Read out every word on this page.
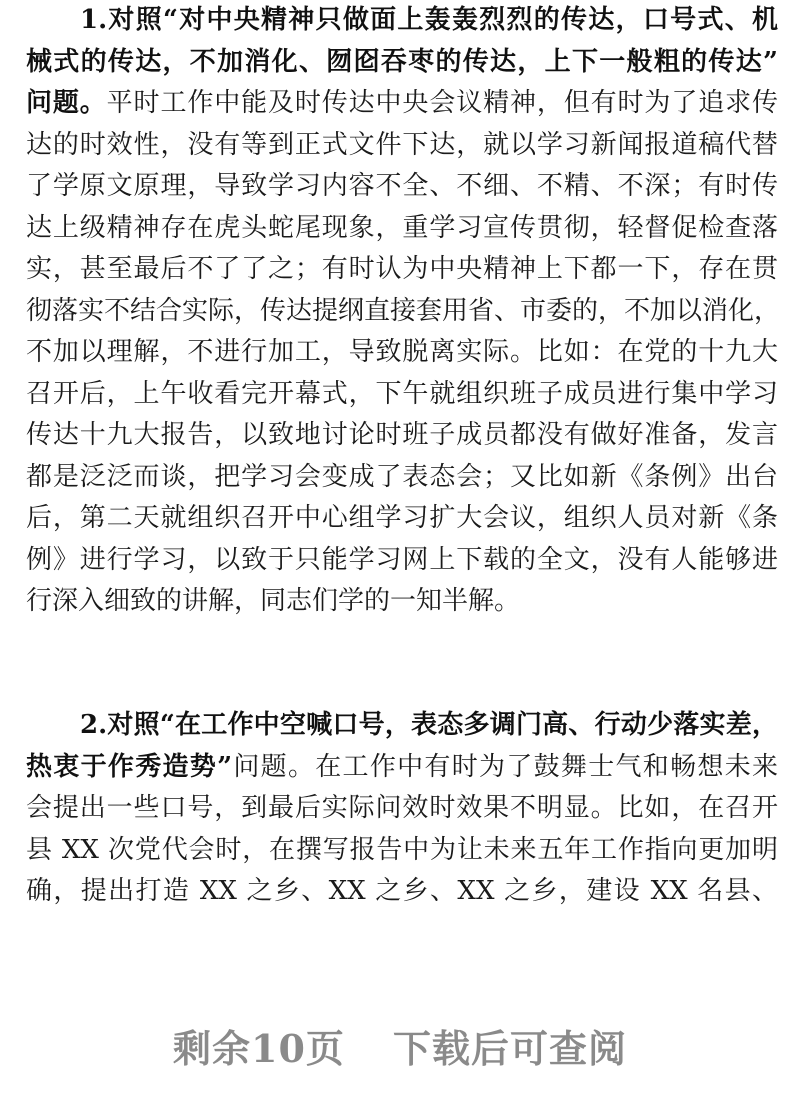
1.对照“对中央精神只做面上轰轰烈烈的传达，口号式、机
械式的传达，不加消化、囫囵吞枣的传达，上下一般粗的传达”
问题。平时工作中能及时传达中央会议精神，但有时为了追求传
达的时效性，没有等到正式文件下达，就以学习新闻报道稿代替
了学原文原理，导致学习内容不全、不细、不精、不深；有时传
达上级精神存在虎头蛇尾现象，重学习宣传贯彻，轻督促检查落
实，甚至最后不了了之；有时认为中央精神上下都一下，存在贯
彻落实不结合实际，传达提纲直接套用省、市委的，不加以消化，
不加以理解，不进行加工，导致脱离实际。比如：在党的十九大
召开后，上午收看完开幕式，下午就组织班子成员进行集中学习
传达十九大报告，以致地讨论时班子成员都没有做好准备，发言
都是泛泛而谈，把学习会变成了表态会；又比如新《条例》出台
后，第二天就组织召开中心组学习扩大会议，组织人员对新《条
例》进行学习，以致于只能学习网上下载的全文，没有人能够进
行深入细致的讲解，同志们学的一知半解。
2.对照“在工作中空喊口号，表态多调门高、行动少落实差，
热衷于作秀造势”问题。在工作中有时为了鼓舞士气和畅想未来
会提出一些口号，到最后实际问效时效果不明显。比如，在召开
县 XX 次党代会时，在撰写报告中为让未来五年工作指向更加明
确，提出打造 XX 之乡、XX 之乡、XX 之乡，建设 XX 名县、
剩余10页 下载后可查阅
